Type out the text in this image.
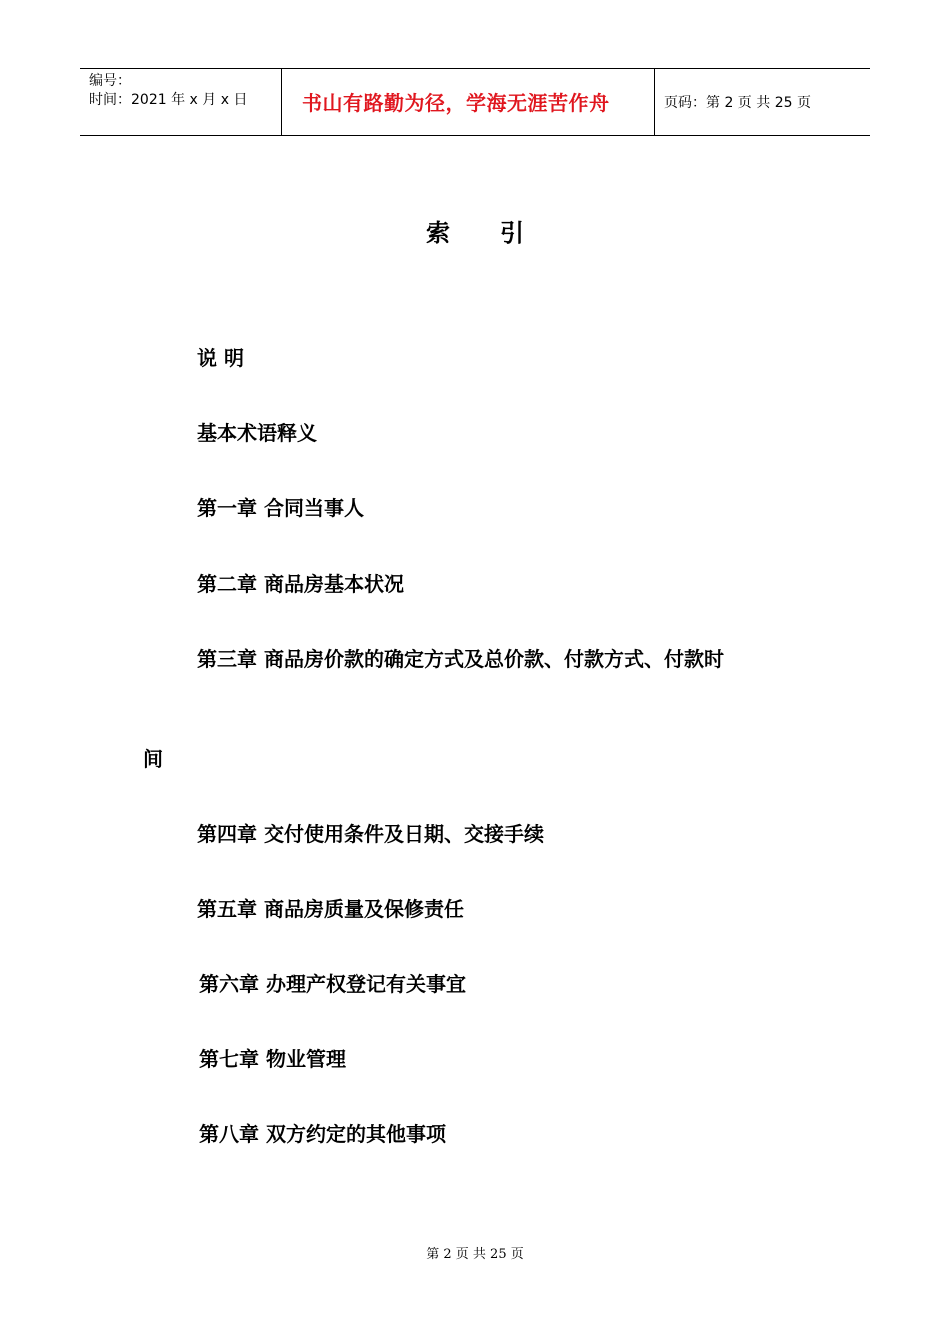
编号：
时间：2021 年 x 月 x 日	书山有路勤为径，学海无涯苦作舟	页码：第 2 页 共 25 页
索 引
说 明
基本术语释义
第一章 合同当事人
第二章 商品房基本状况
第三章 商品房价款的确定方式及总价款、付款方式、付款时
间
第四章 交付使用条件及日期、交接手续
第五章 商品房质量及保修责任
第六章 办理产权登记有关事宜
第七章 物业管理
第八章 双方约定的其他事项
第 2 页 共 25 页
